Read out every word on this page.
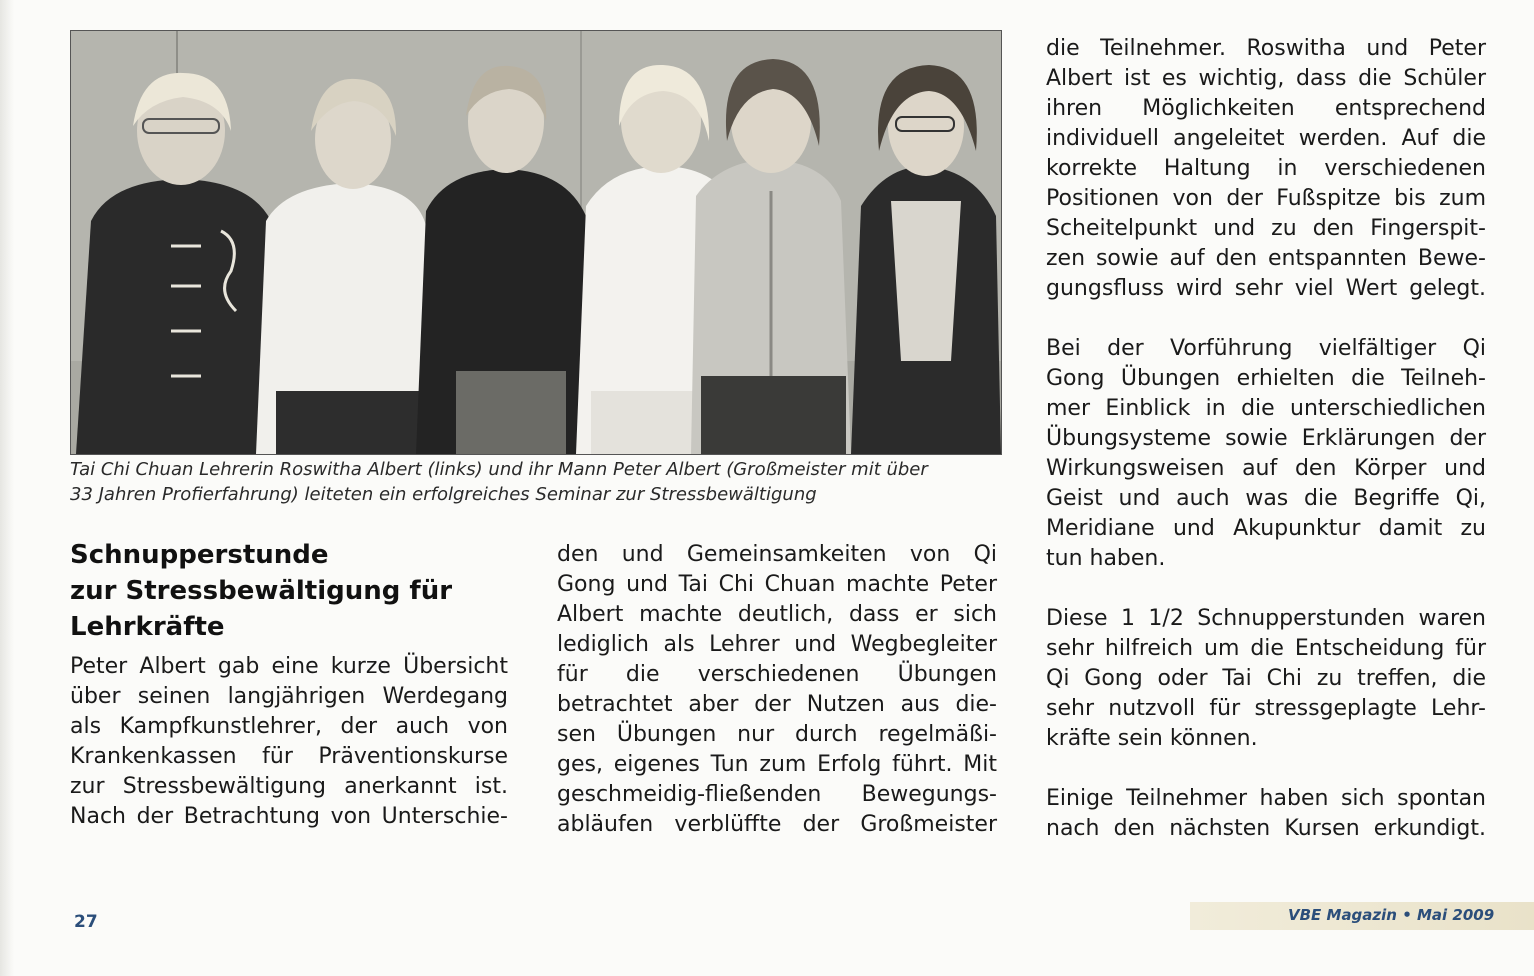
Tai Chi Chuan Lehrerin Roswitha Albert (links) und ihr Mann Peter Albert (Großmeister mit über

33 Jahren Profierfahrung) leiteten ein erfolgreiches Seminar zur Stressbewältigung

Schnupperstunde
zur Stressbewältigung für
Lehrkräfte
Peter Albert gab eine kurze Übersicht
über seinen langjährigen Werdegang
als Kampfkunstlehrer, der auch von
Krankenkassen für Präventionskurse
zur Stressbewältigung anerkannt ist.
Nach der Betrachtung von Unterschie-
den und Gemeinsamkeiten von Qi
Gong und Tai Chi Chuan machte Peter
Albert machte deutlich, dass er sich
lediglich als Lehrer und Wegbegleiter
für die verschiedenen Übungen
betrachtet aber der Nutzen aus die-
sen Übungen nur durch regelmäßi-
ges, eigenes Tun zum Erfolg führt. Mit
geschmeidig-fließenden Bewegungs-
abläufen verblüffte der Großmeister
die Teilnehmer. Roswitha und Peter
Albert ist es wichtig, dass die Schüler
ihren Möglichkeiten entsprechend
individuell angeleitet werden. Auf die
korrekte Haltung in verschiedenen
Positionen von der Fußspitze bis zum
Scheitelpunkt und zu den Fingerspit-
zen sowie auf den entspannten Bewe-
gungsfluss wird sehr viel Wert gelegt.
Bei der Vorführung vielfältiger Qi
Gong Übungen erhielten die Teilneh-
mer Einblick in die unterschiedlichen
Übungsysteme sowie Erklärungen der
Wirkungsweisen auf den Körper und
Geist und auch was die Begriffe Qi,
Meridiane und Akupunktur damit zu
tun haben.
Diese 1 1/2 Schnupperstunden waren
sehr hilfreich um die Entscheidung für
Qi Gong oder Tai Chi zu treffen, die
sehr nutzvoll für stressgeplagte Lehr-
kräfte sein können.
Einige Teilnehmer haben sich spontan
nach den nächsten Kursen erkundigt.
27	VBE Magazin • Mai 2009
